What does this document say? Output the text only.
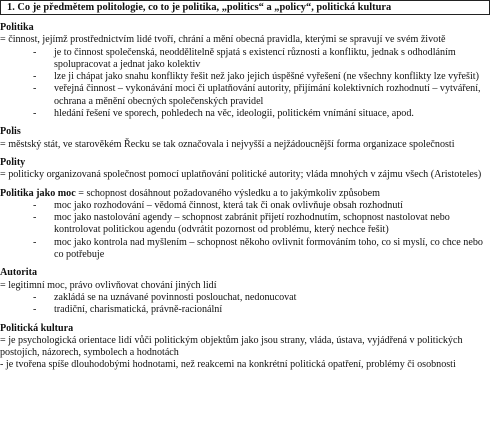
1. Co je předmětem politologie, co to je politika, „politics“ a „policy“, politická kultura
Politika
= činnost, jejímž prostřednictvím lidé tvoří, chrání a mění obecná pravidla, kterými se spravují ve svém životě
- je to činnost společenská, neoddělitelně spjatá s existencí různosti a konfliktu, jednak s odhodláním spolupracovat a jednat jako kolektiv
- lze ji chápat jako snahu konflikty řešit než jako jejich úspěšné vyřešení (ne všechny konflikty lze vyřešit)
- veřejná činnost – vykonávání moci či uplatňování autority, přijímání kolektivních rozhodnutí – vytváření, ochrana a měnění obecných společenských pravidel
- hledání řešení ve sporech, pohledech na věc, ideologii, politickém vnímání situace, apod.
Polis
= městský stát, ve starověkém Řecku se tak označovala i nejvyšší a nejžádoucnější forma organizace společnosti
Polity
= politicky organizovaná společnost pomocí uplatňování politické autority; vláda mnohých v zájmu všech (Aristoteles)
Politika jako moc = schopnost dosáhnout požadovaného výsledku a to jakýmkoliv způsobem
- moc jako rozhodování – vědomá činnost, která tak či onak ovlivňuje obsah rozhodnutí
- moc jako nastolování agendy – schopnost zabránit přijetí rozhodnutím, schopnost nastolovat nebo kontrolovat politickou agendu (odvrátit pozornost od problému, který nechce řešit)
- moc jako kontrola nad myšlením – schopnost někoho ovlivnit formováním toho, co si myslí, co chce nebo co potřebuje
Autorita
= legitimní moc, právo ovlivňovat chování jiných lidí
- zakládá se na uznávané povinnosti poslouchat, nedonucovat
- tradiční, charismatická, právně-racionální
Politická kultura
= je psychologická orientace lidí vůči politickým objektům jako jsou strany, vláda, ústava, vyjádřená v politických postojích, názorech, symbolech a hodnotách
- je tvořena spíše dlouhodobými hodnotami, než reakcemi na konkrétní politická opatření, problémy či osobnosti
